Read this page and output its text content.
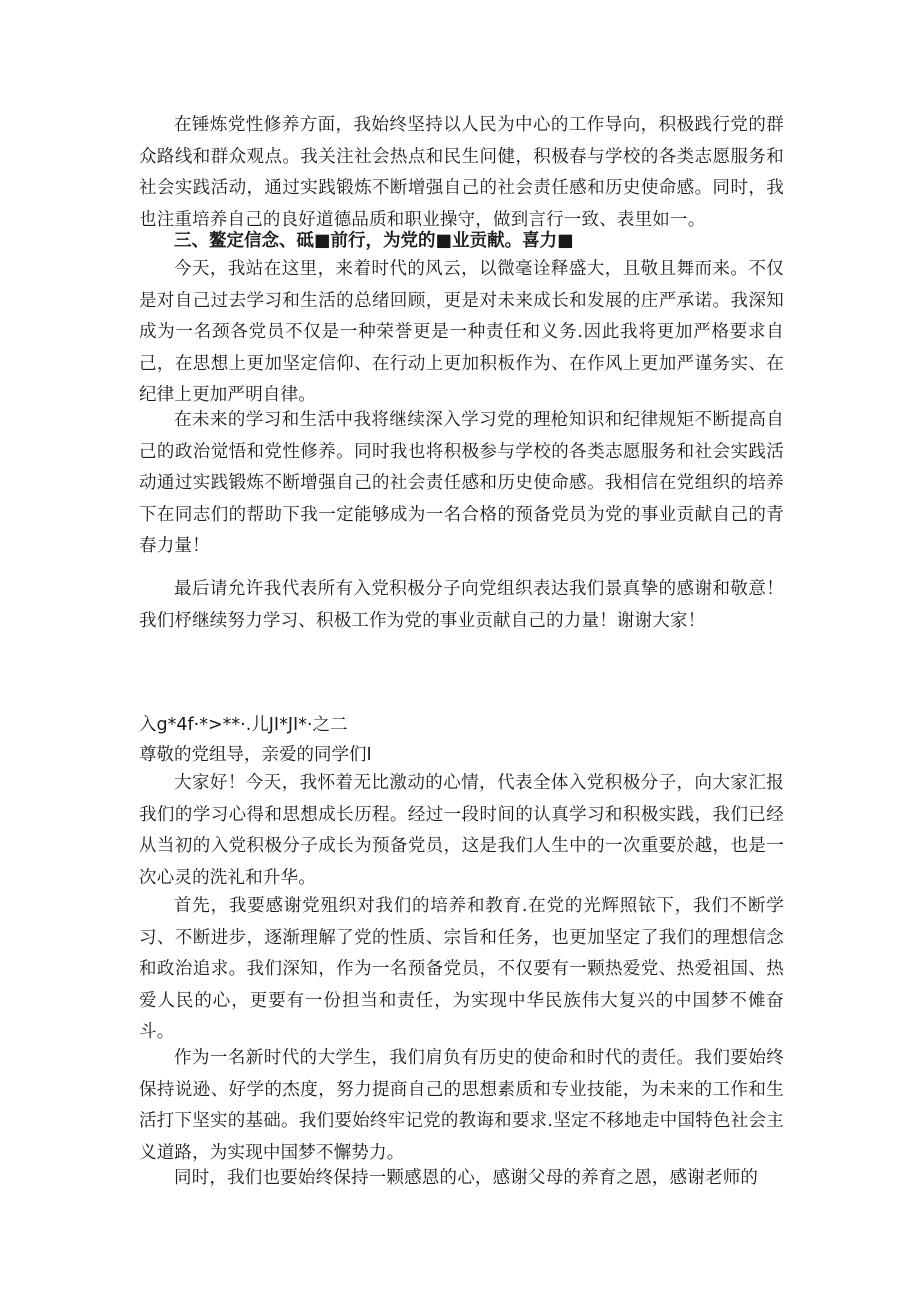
在锤炼党性修养方面，我始终坚持以人民为中心的工作导向，积极践行党的群众路线和群众观点。我关注社会热点和民生问健，积极春与学校的各类志愿服务和社会实践活动，通过实践锻炼不断增强自己的社会责任感和历史使命感。同时，我也注重培养自己的良好道德品质和职业操守，做到言行一致、表里如一。

三、鳌定信念、砥■前行，为党的■业贡献。喜力■

今天，我站在这里，来着时代的风云，以微毫诠释盛大，且敬且舞而来。不仅是对自己过去学习和生活的总绪回顾，更是对未来成长和发展的庄严承诺。我深知成为一名颈各党员不仅是一种荣誉更是一种责任和义务.因此我将更加严格要求自己，在思想上更加坚定信仰、在行动上更加积板作为、在作风上更加严谨务实、在纪律上更加严明自律。

在未来的学习和生活中我将继续深入学习党的理枪知识和纪律规矩不断提高自己的政治觉悟和党性修养。同时我也将积极参与学校的各类志愿服务和社会实践活动通过实践锻炼不断增强自己的社会责任感和历史使命感。我相信在党组织的培养下在同志们的帮助下我一定能够成为一名合格的预备党员为党的事业贡献自己的青春力量！

最后请允许我代表所有入党积极分子向党组织表达我们景真挚的感谢和敬意！我们杼继续努力学习、积极工作为党的事业贡献自己的力量！谢谢大家！

入g*4f·*>**·.儿JI*JI*·之二

尊敬的党组导，亲爱的同学们I

大家好！今天，我怀着无比激动的心情，代表全体入党积极分子，向大家汇报我们的学习心得和思想成长历程。经过一段时间的认真学习和积极实践，我们已经从当初的入党积极分子成长为预备党员，这是我们人生中的一次重要於越，也是一次心灵的洗礼和升华。

首先，我要感谢党殂织对我们的培养和教育.在党的光辉照铱下，我们不断学习、不断进步，逐渐理解了党的性质、宗旨和任务，也更加坚定了我们的理想信念和政治追求。我们深知，作为一名预备党员，不仅要有一颗热爱党、热爱祖国、热爱人民的心，更要有一份担当和责任，为实现中华民族伟大复兴的中国梦不傩奋斗。

作为一名新时代的大学生，我们肩负有历史的使命和时代的责任。我们要始终保持说逊、好学的杰度，努力提商自己的思想素质和专业技能，为未来的工作和生活打下坚实的基础。我们要始终牢记党的教诲和要求.坚定不移地走中国特色社会主义道路，为实现中国梦不懈势力。

同时，我们也要始终保持一颗感恩的心，感谢父母的养育之恩，感谢老师的
